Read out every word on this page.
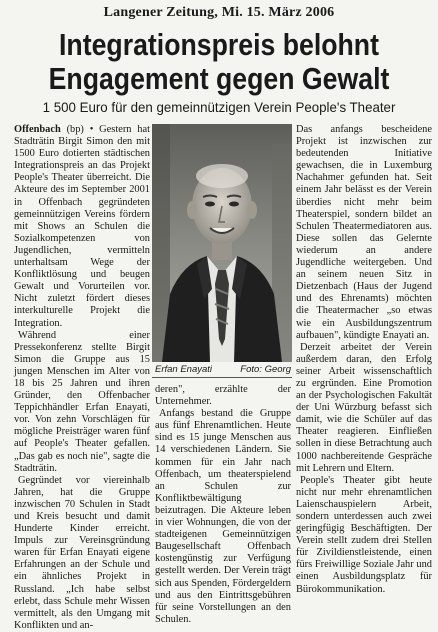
Langener Zeitung, Mi. 15. März 2006
Integrationspreis belohnt
Engagement gegen Gewalt
1 500 Euro für den gemeinnützigen Verein People's Theater

Offenbach (bp) • Gestern hat Stadträtin Birgit Simon den mit 1500 Euro dotierten städtischen Integrationspreis an das Projekt People's Theater überreicht. Die Akteure des im September 2001 in Offenbach gegründeten gemeinnützigen Vereins fördern mit Shows an Schulen die Sozialkompetenzen von Jugendlichen, vermitteln unterhaltsam Wege der Konfliktlösung und beugen Gewalt und Vorurteilen vor. Nicht zuletzt fördert dieses interkulturelle Projekt die Integration.

Während einer Pressekonferenz stellte Birgit Simon die Gruppe aus 15 jungen Menschen im Alter von 18 bis 25 Jahren und ihren Gründer, den Offenbacher Teppichhändler Erfan Enayati, vor. Von zehn Vorschlägen für mögliche Preisträger waren fünf auf People's Theater gefallen. „Das gab es noch nie", sagte die Stadträtin.

Gegründet vor viereinhalb Jahren, hat die Gruppe inzwischen 70 Schulen in Stadt und Kreis besucht und damit Hunderte Kinder erreicht. Impuls zur Vereinsgründung waren für Erfan Enayati eigene Erfahrungen an der Schule und ein ähnliches Projekt in Russland. „Ich habe selbst erlebt, dass Schule mehr Wissen vermittelt, als den Umgang mit Konflikten und an-

Erfan Enayati	Foto: Georg

deren", erzählte der Unternehmer.

Anfangs bestand die Gruppe aus fünf Ehrenamtlichen. Heute sind es 15 junge Menschen aus 14 verschiedenen Ländern. Sie kommen für ein Jahr nach Offenbach, um theaterspielend an Schulen zur Konfliktbewältigung beizutragen. Die Akteure leben in vier Wohnungen, die von der stadteigenen Gemeinnützigen Baugesellschaft Offenbach kostengünstig zur Verfügung gestellt werden. Der Verein trägt sich aus Spenden, Fördergeldern und aus den Eintrittsgebühren für seine Vorstellungen an den Schulen.

Das anfangs bescheidene Projekt ist inzwischen zur bedeutenden Initiative gewachsen, die in Luxemburg Nachahmer gefunden hat. Seit einem Jahr belässt es der Verein überdies nicht mehr beim Theaterspiel, sondern bildet an Schulen Theatermediatoren aus. Diese sollen das Gelernte wiederum an andere Jugendliche weitergeben. Und an seinem neuen Sitz in Dietzenbach (Haus der Jugend und des Ehrenamts) möchten die Theatermacher „so etwas wie ein Ausbildungszentrum aufbauen", kündigte Enayati an.

Derzeit arbeitet der Verein außerdem daran, den Erfolg seiner Arbeit wissenschaftlich zu ergründen. Eine Promotion an der Psychologischen Fakultät der Uni Würzburg befasst sich damit, wie die Schüler auf das Theater reagieren. Einfließen sollen in diese Betrachtung auch 1000 nachbereitende Gespräche mit Lehrern und Eltern.

People's Theater gibt heute nicht nur mehr ehrenamtlichen Laienschauspielern Arbeit, sondern unterdessen auch zwei geringfügig Beschäftigten. Der Verein stellt zudem drei Stellen für Zivildienstleistende, einen fürs Freiwillige Soziale Jahr und einen Ausbildungsplatz für Bürokommunikation.
